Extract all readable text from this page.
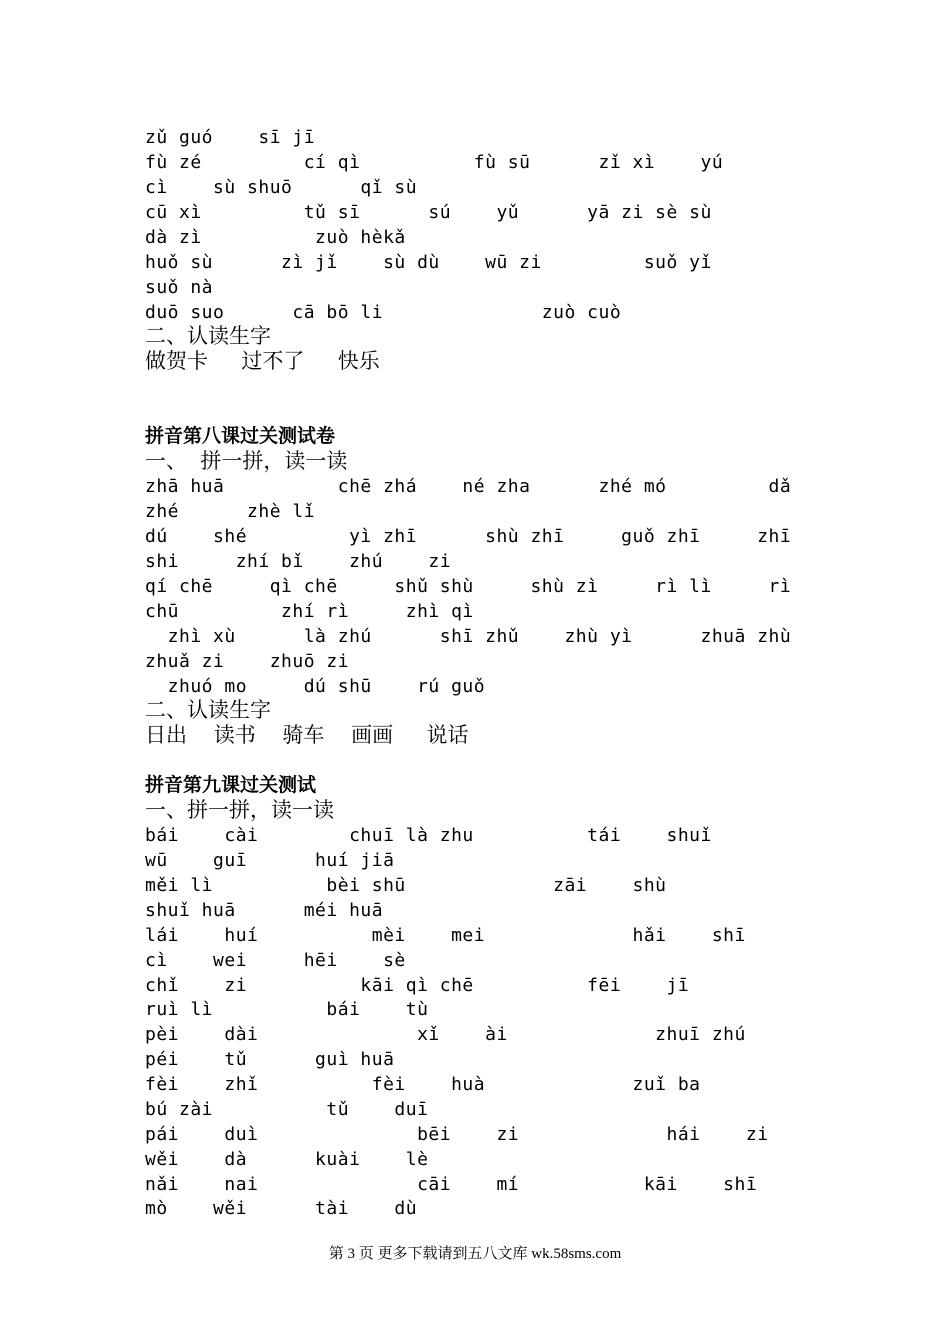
zǔ guó    sī jī
fù zé         cí qì          fù sū      zǐ xì    yú
cì    sù shuō      qǐ sù
cū xì         tǔ sī      sú    yǔ      yā zi sè sù
dà zì          zuò hèkǎ
huǒ sù      zì jǐ    sù dù    wū zi         suǒ yǐ
suǒ nà
duō suo      cā bō li              zuò cuò
二、认读生字
做贺卡     过不了     快乐
拼音第八课过关测试卷
一、  拼一拼，读一读
zhā huā          chē zhá    né zha      zhé mó         dǎ
zhé      zhè lǐ
dú    shé         yì zhī      shù zhī     guǒ zhī     zhī
shi     zhí bǐ    zhú    zi
qí chē     qì chē     shǔ shù     shù zì     rì lì     rì
chū         zhí rì     zhì qì
zhì xù      là zhú      shī zhǔ    zhù yì      zhuā zhù
zhuǎ zi    zhuō zi
zhuó mo     dú shū    rú guǒ
二、认读生字
日出    读书    骑车    画画     说话
拼音第九课过关测试
一、拼一拼，读一读
bái    cài        chuī là zhu          tái    shuǐ
wū    guī      huí jiā
měi lì          bèi shū             zāi    shù
shuǐ huā      méi huā
lái    huí          mèi    mei             hǎi    shī
cì    wei     hēi    sè
chǐ    zi          kāi qì chē          fēi    jī
ruì lì          bái    tù
pèi    dài              xǐ    ài             zhuī zhú
péi    tǔ      guì huā
fèi    zhǐ          fèi    huà             zuǐ ba
bú zài          tǔ    duī
pái    duì              bēi    zi             hái    zi
wěi    dà      kuài    lè
nǎi    nai              cāi    mí           kāi    shī
mò    wěi      tài    dù
第 3 页 更多下载请到五八文库 wk.58sms.com
